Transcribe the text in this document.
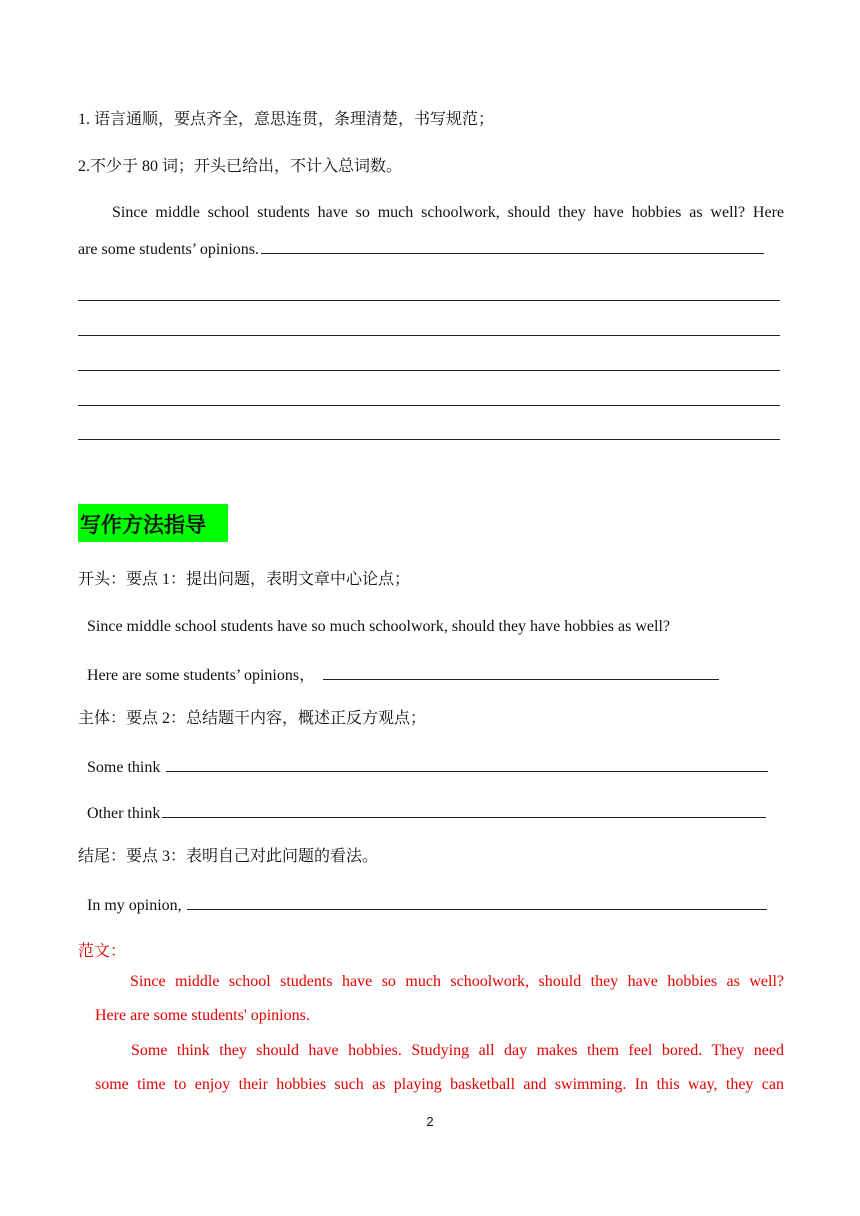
1. 语言通顺，要点齐全，意思连贯，条理清楚，书写规范；
2.不少于 80 词；开头已给出，不计入总词数。
Since middle school students have so much schoolwork, should they have hobbies as well? Here
are some students’ opinions.
写作方法指导
开头：要点 1：提出问题，表明文章中心论点；
Since middle school students have so much schoolwork, should they have hobbies as well?
Here are some students’ opinions，
主体：要点 2：总结题干内容，概述正反方观点；
Some think
Other think
结尾：要点 3：表明自己对此问题的看法。
In my opinion,
范文：
Since middle school students have so much schoolwork, should they have hobbies as well?
Here are some students' opinions.
Some think they should have hobbies. Studying all day makes them feel bored. They need
some time to enjoy their hobbies such as playing basketball and swimming. In this way, they can
2
